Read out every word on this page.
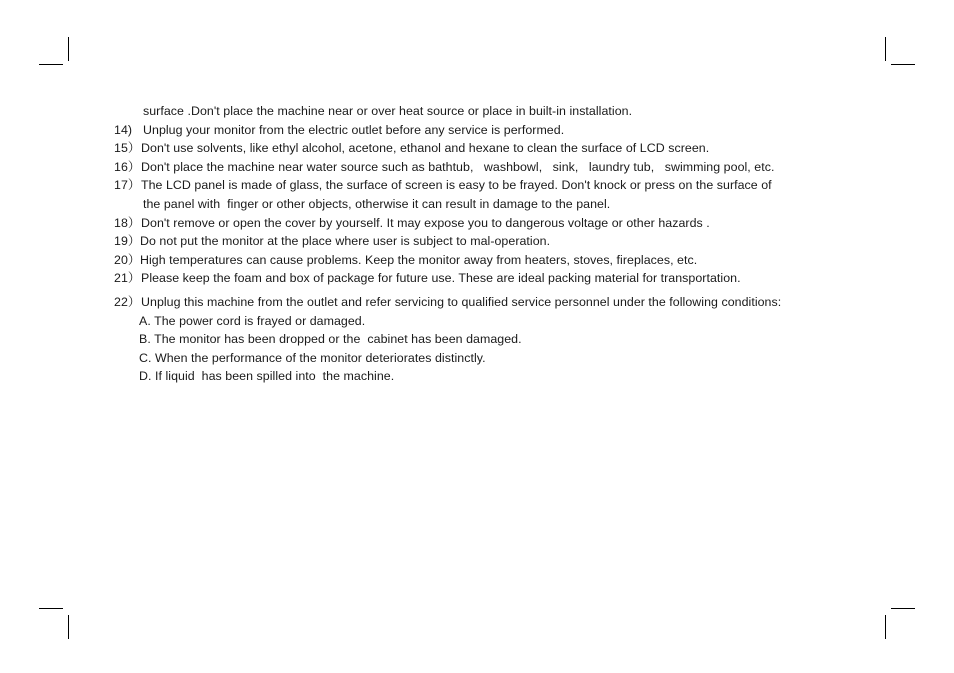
surface .Don't place the machine near or over heat source or place in built-in installation.
14) Unplug your monitor from the electric outlet before any service is performed.
15）Don't use solvents, like ethyl alcohol, acetone, ethanol and hexane to clean the surface of LCD screen.
16）Don't place the machine near water source such as bathtub,   washbowl,   sink,   laundry tub,   swimming pool, etc.
17）The LCD panel is made of glass, the surface of screen is easy to be frayed. Don't knock or press on the surface of
the panel with  finger or other objects, otherwise it can result in damage to the panel.
18）Don't remove or open the cover by yourself. It may expose you to dangerous voltage or other hazards .
19）Do not put the monitor at the place where user is subject to mal-operation.
20）High temperatures can cause problems. Keep the monitor away from heaters, stoves, fireplaces, etc.
21）Please keep the foam and box of package for future use. These are ideal packing material for transportation.
22）Unplug this machine from the outlet and refer servicing to qualified service personnel under the following conditions:
A. The power cord is frayed or damaged.
B. The monitor has been dropped or the  cabinet has been damaged.
C. When the performance of the monitor deteriorates distinctly.
D. If liquid  has been spilled into  the machine.
